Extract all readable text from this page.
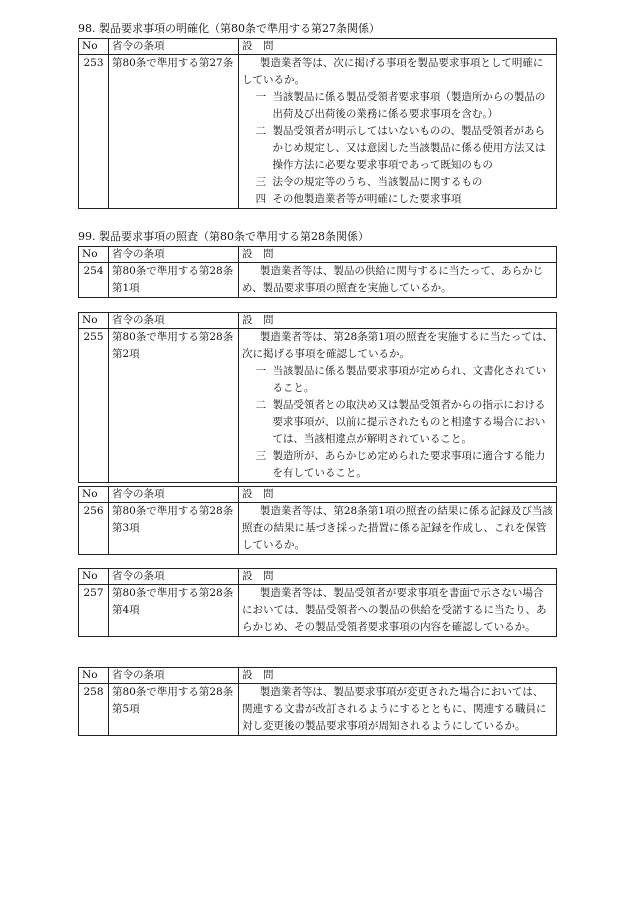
98. 製品要求事項の明確化（第80条で準用する第27条関係）
No	省令の条項	設　問
253	第80条で準用する第27条	製造業者等は、次に掲げる事項を製品要求事項として明確にしているか。

一 当該製品に係る製品受領者要求事項（製造所からの製品の出荷及び出荷後の業務に係る要求事項を含む。）

二 製品受領者が明示してはいないものの、製品受領者があらかじめ規定し、又は意図した当該製品に係る使用方法又は操作方法に必要な要求事項であって既知のもの

三 法令の規定等のうち、当該製品に関するもの

四 その他製造業者等が明確にした要求事項

99. 製品要求事項の照査（第80条で準用する第28条関係）
No	省令の条項	設　問
254	第80条で準用する第28条第1項	製造業者等は、製品の供給に関与するに当たって、あらかじめ、製品要求事項の照査を実施しているか。

No	省令の条項	設　問
255	第80条で準用する第28条第2項	製造業者等は、第28条第1項の照査を実施するに当たっては、次に掲げる事項を確認しているか。

一 当該製品に係る製品要求事項が定められ、文書化されていること。

二 製品受領者との取決め又は製品受領者からの指示における要求事項が、以前に提示されたものと相違する場合においては、当該相違点が解明されていること。

三 製造所が、あらかじめ定められた要求事項に適合する能力を有していること。

No	省令の条項	設　問
256	第80条で準用する第28条第3項	製造業者等は、第28条第1項の照査の結果に係る記録及び当該照査の結果に基づき採った措置に係る記録を作成し、これを保管しているか。

No	省令の条項	設　問
257	第80条で準用する第28条第4項	製造業者等は、製品受領者が要求事項を書面で示さない場合においては、製品受領者への製品の供給を受諾するに当たり、あらかじめ、その製品受領者要求事項の内容を確認しているか。

No	省令の条項	設　問
258	第80条で準用する第28条第5項	製造業者等は、製品要求事項が変更された場合においては、関連する文書が改訂されるようにするとともに、関連する職員に対し変更後の製品要求事項が周知されるようにしているか。
